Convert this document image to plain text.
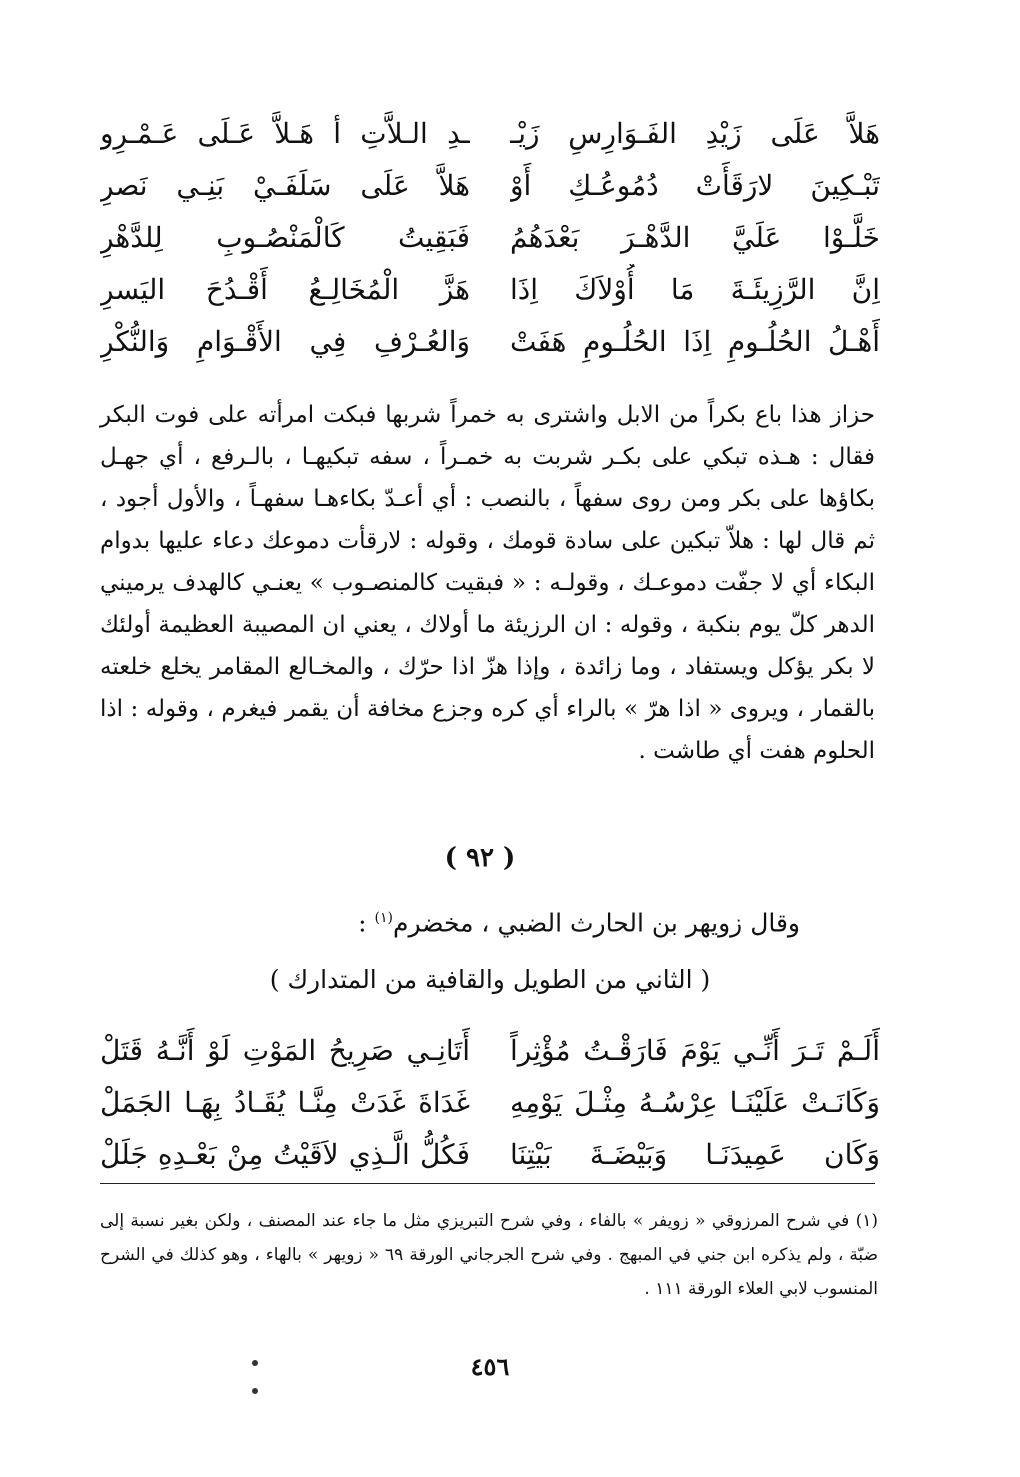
هَلاَّ عَلَى زَيْدِ الفَـوَارِسِ زَيْـ
ـدِ الـلاَّتِ أ هَـلاَّ عَـلَى عَـمْـرِو
تَبْـكِينَ لارَقَأَتْ دُمُوعُـكِ أَوْ
هَلاَّ عَلَى سَلَفَـيْ بَنِـي نَصرِ
خَلَّـوْا عَلَيَّ الدَّهْـرَ بَعْدَهُمُ
فَبَقِيتُ كَالْمَنْصُـوبِ لِلدَّهْرِ
اِنَّ الرَّزِيئَـةَ مَا أُوْلاَكَ اِذَا
هَزَّ الْمُخَالِـعُ أَقْـدُحَ اليَسرِ
أَهْـلُ الحُلُـومِ اِذَا الحُلُـومِ هَفَتْ
وَالعُـرْفِ فِي الأَقْـوَامِ وَالنُّكْرِ
حزاز هذا باع بكراً من الابل واشترى به خمراً شربها فبكت امرأته على فوت البكر فقال : هـذه تبكي على بكـر شربت به خمـراً ، سفه تبكيهـا ، بالـرفع ، أي جهـل بكاؤها على بكر ومن روى سفهاً ، بالنصب : أي أعـدّ بكاءهـا سفهـاً ، والأول أجود ، ثم قال لها : هلاّ تبكين على سادة قومك ، وقوله : لارقأت دموعك دعاء عليها بدوام البكاء أي لا جفّت دموعـك ، وقولـه : « فبقيت كالمنصـوب » يعنـي كالهدف يرميني الدهر كلّ يوم بنكبة ، وقوله : ان الرزيئة ما أولاك ، يعني ان المصيبة العظيمة أولئك لا بكر يؤكل ويستفاد ، وما زائدة ، وإذا هزّ اذا حرّك ، والمخـالع المقامر يخلع خلعته بالقمار ، ويروى « اذا هرّ » بالراء أي كره وجزع مخافة أن يقمر فيغرم ، وقوله : اذا الحلوم هفت أي طاشت .
( ٩٢ )
وقال زويهر بن الحارث الضبي ، مخضرم$^{(١)}$ :
( الثاني من الطويل والقافية من المتدارك )
أَلَـمْ تَـرَ أَنِّـي يَوْمَ فَارَقْـتُ مُؤْثِراً
أَتَانِـي صَرِيحُ المَوْتِ لَوْ أَنَّـهُ قَتَلْ
وَكَانَـتْ عَلَيْنَـا عِرْسُـهُ مِثْـلَ يَوْمِهِ
غَدَاةَ غَدَتْ مِنَّـا يُقَـادُ بِهَـا الجَمَلْ
وَكَان عَمِيدَنَـا وَبَيْضَـةَ بَيْتِنَا
فَكُلُّ الَّـذِي لاَقَيْتُ مِنْ بَعْـدِهِ جَلَلْ
(١) في شرح المرزوقي « زويفر » بالفاء ، وفي شرح التبريزي مثل ما جاء عند المصنف ، ولكن بغير نسبة إلى ضبّة ، ولم يذكره ابن جني في المبهج . وفي شرح الجرجاني الورقة ٦٩ « زويهر » بالهاء ، وهو كذلك في الشرح المنسوب لابي العلاء الورقة ١١١ .
٤٥٦
